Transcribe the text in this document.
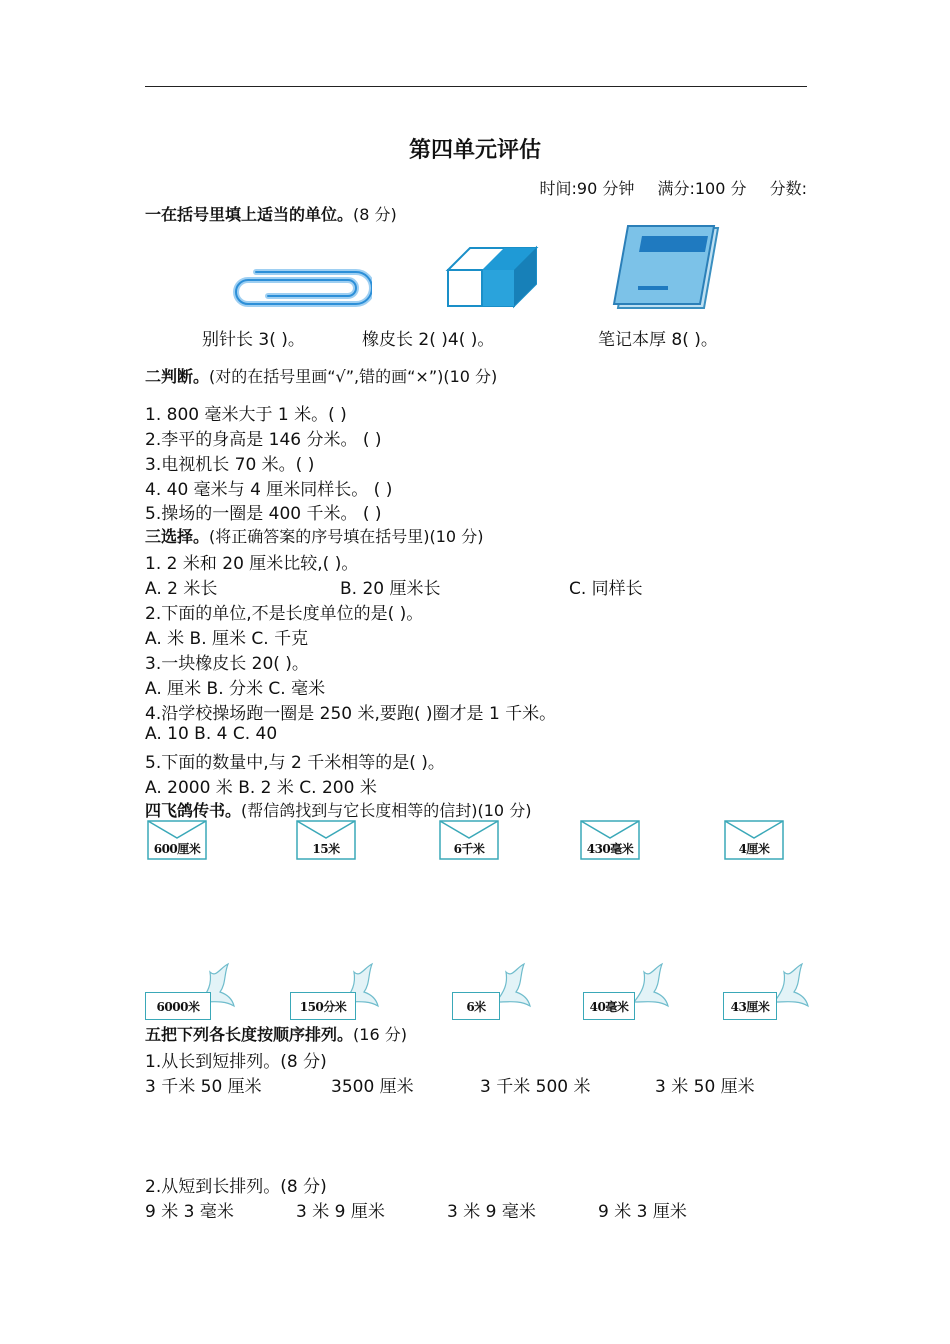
第四单元评估
时间:90 分钟 满分:100 分 分数:
一在括号里填上适当的单位。(8 分)
别针长 3( )。	橡皮长 2( )4( )。	笔记本厚 8( )。
二判断。(对的在括号里画“√”,错的画“×”)(10 分)
1. 800 毫米大于 1 米。( )
2.李平的身高是 146 分米。 ( )
3.电视机长 70 米。( )
4. 40 毫米与 4 厘米同样长。 ( )
5.操场的一圈是 400 千米。 ( )
三选择。(将正确答案的序号填在括号里)(10 分)
1. 2 米和 20 厘米比较,( )。
A. 2 米长	B. 20 厘米长	C. 同样长
2.下面的单位,不是长度单位的是( )。
A. 米 B. 厘米 C. 千克
3.一块橡皮长 20( )。
A. 厘米 B. 分米 C. 毫米
4.沿学校操场跑一圈是 250 米,要跑( )圈才是 1 千米。
A. 10 B. 4 C. 40
5.下面的数量中,与 2 千米相等的是( )。
A. 2000 米 B. 2 米 C. 200 米
四飞鸽传书。(帮信鸽找到与它长度相等的信封)(10 分)
600厘米	15米	6千米	430毫米	4厘米
6000米	150分米	6米	40毫米	43厘米
五把下列各长度按顺序排列。(16 分)
1.从长到短排列。(8 分)
3 千米 50 厘米	3500 厘米	3 千米 500 米	3 米 50 厘米
2.从短到长排列。(8 分)
9 米 3 毫米	3 米 9 厘米	3 米 9 毫米	9 米 3 厘米
